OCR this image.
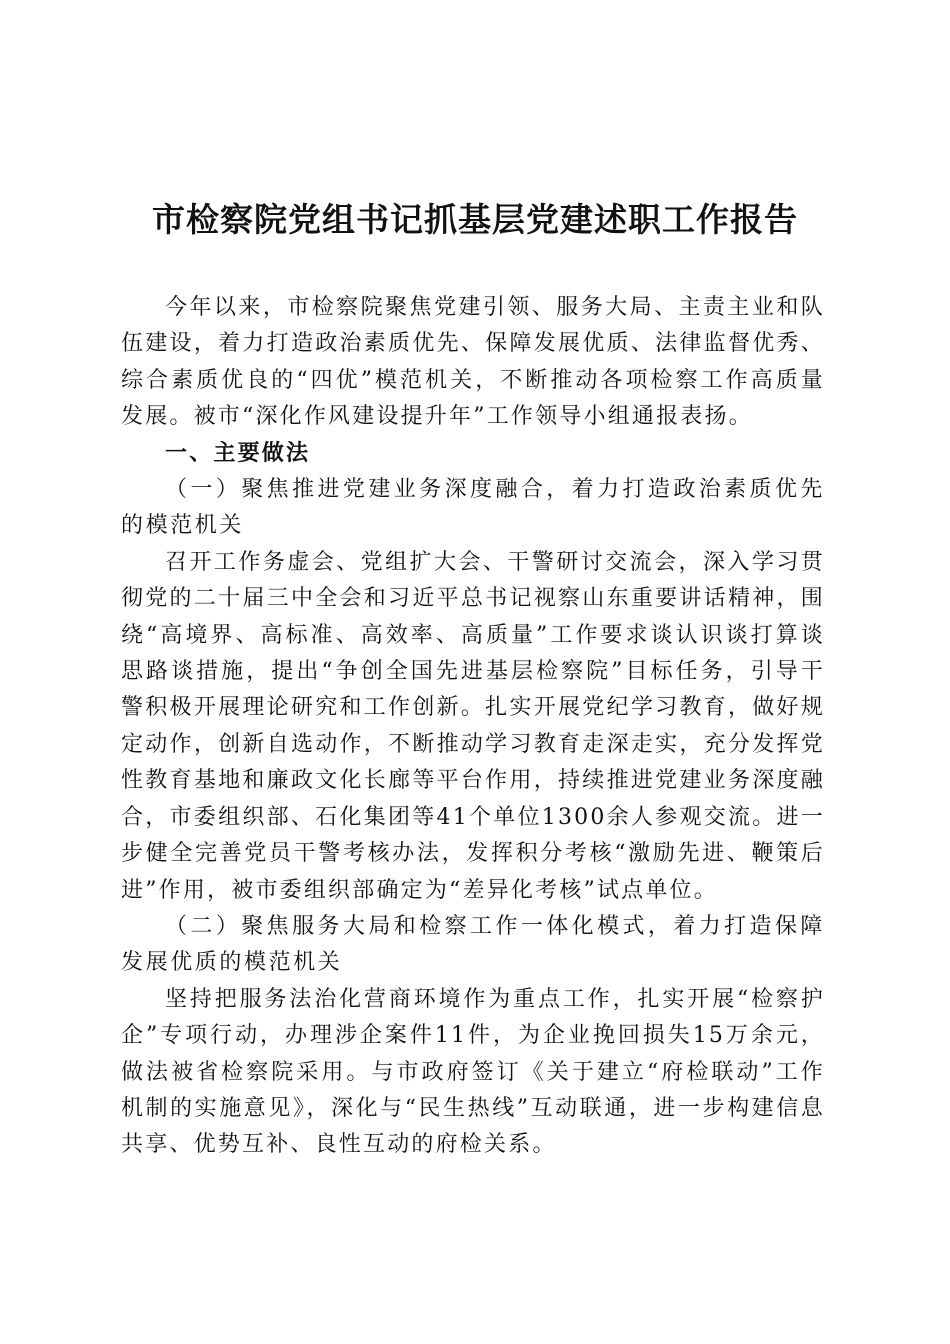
市检察院党组书记抓基层党建述职工作报告

今年以来，市检察院聚焦党建引领、服务大局、主责主业和队伍建设，着力打造政治素质优先、保障发展优质、法律监督优秀、综合素质优良的“四优”模范机关，不断推动各项检察工作高质量发展。被市“深化作风建设提升年”工作领导小组通报表扬。

一、主要做法

（一）聚焦推进党建业务深度融合，着力打造政治素质优先的模范机关

召开工作务虚会、党组扩大会、干警研讨交流会，深入学习贯彻党的二十届三中全会和习近平总书记视察山东重要讲话精神，围绕“高境界、高标准、高效率、高质量”工作要求谈认识谈打算谈思路谈措施，提出“争创全国先进基层检察院”目标任务，引导干警积极开展理论研究和工作创新。扎实开展党纪学习教育，做好规定动作，创新自选动作，不断推动学习教育走深走实，充分发挥党性教育基地和廉政文化长廊等平台作用，持续推进党建业务深度融合，市委组织部、石化集团等41个单位1300余人参观交流。进一步健全完善党员干警考核办法，发挥积分考核“激励先进、鞭策后进”作用，被市委组织部确定为“差异化考核”试点单位。

（二）聚焦服务大局和检察工作一体化模式，着力打造保障发展优质的模范机关

坚持把服务法治化营商环境作为重点工作，扎实开展“检察护企”专项行动，办理涉企案件11件，为企业挽回损失15万余元，做法被省检察院采用。与市政府签订《关于建立“府检联动”工作机制的实施意见》，深化与“民生热线”互动联通，进一步构建信息共享、优势互补、良性互动的府检关系。
